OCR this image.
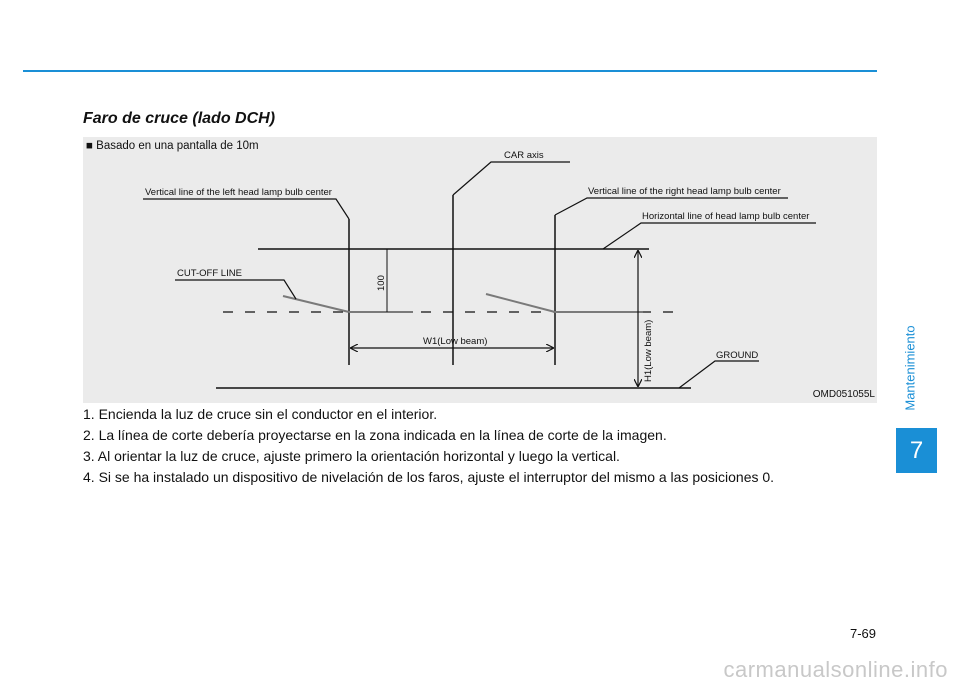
Faro de cruce (lado DCH)
100
W1(Low beam)	H1(Low beam)
CAR axis
Vertical line of the left head lamp bulb center	Vertical line of the right head lamp bulb center
Horizontal line of head lamp bulb center
CUT-OFF LINE
GROUND
■ Basado en una pantalla de 10m
OMD051055L
1. Encienda la luz de cruce sin el conductor en el interior.
2. La línea de corte debería proyectarse en la zona indicada en la línea de corte de la imagen.
3. Al orientar la luz de cruce, ajuste primero la orientación horizontal y luego la vertical.
4. Si se ha instalado un dispositivo de nivelación de los faros, ajuste el interruptor del mismo a las posiciones 0.
Mantenimiento
7
7-69
carmanualsonline.info
